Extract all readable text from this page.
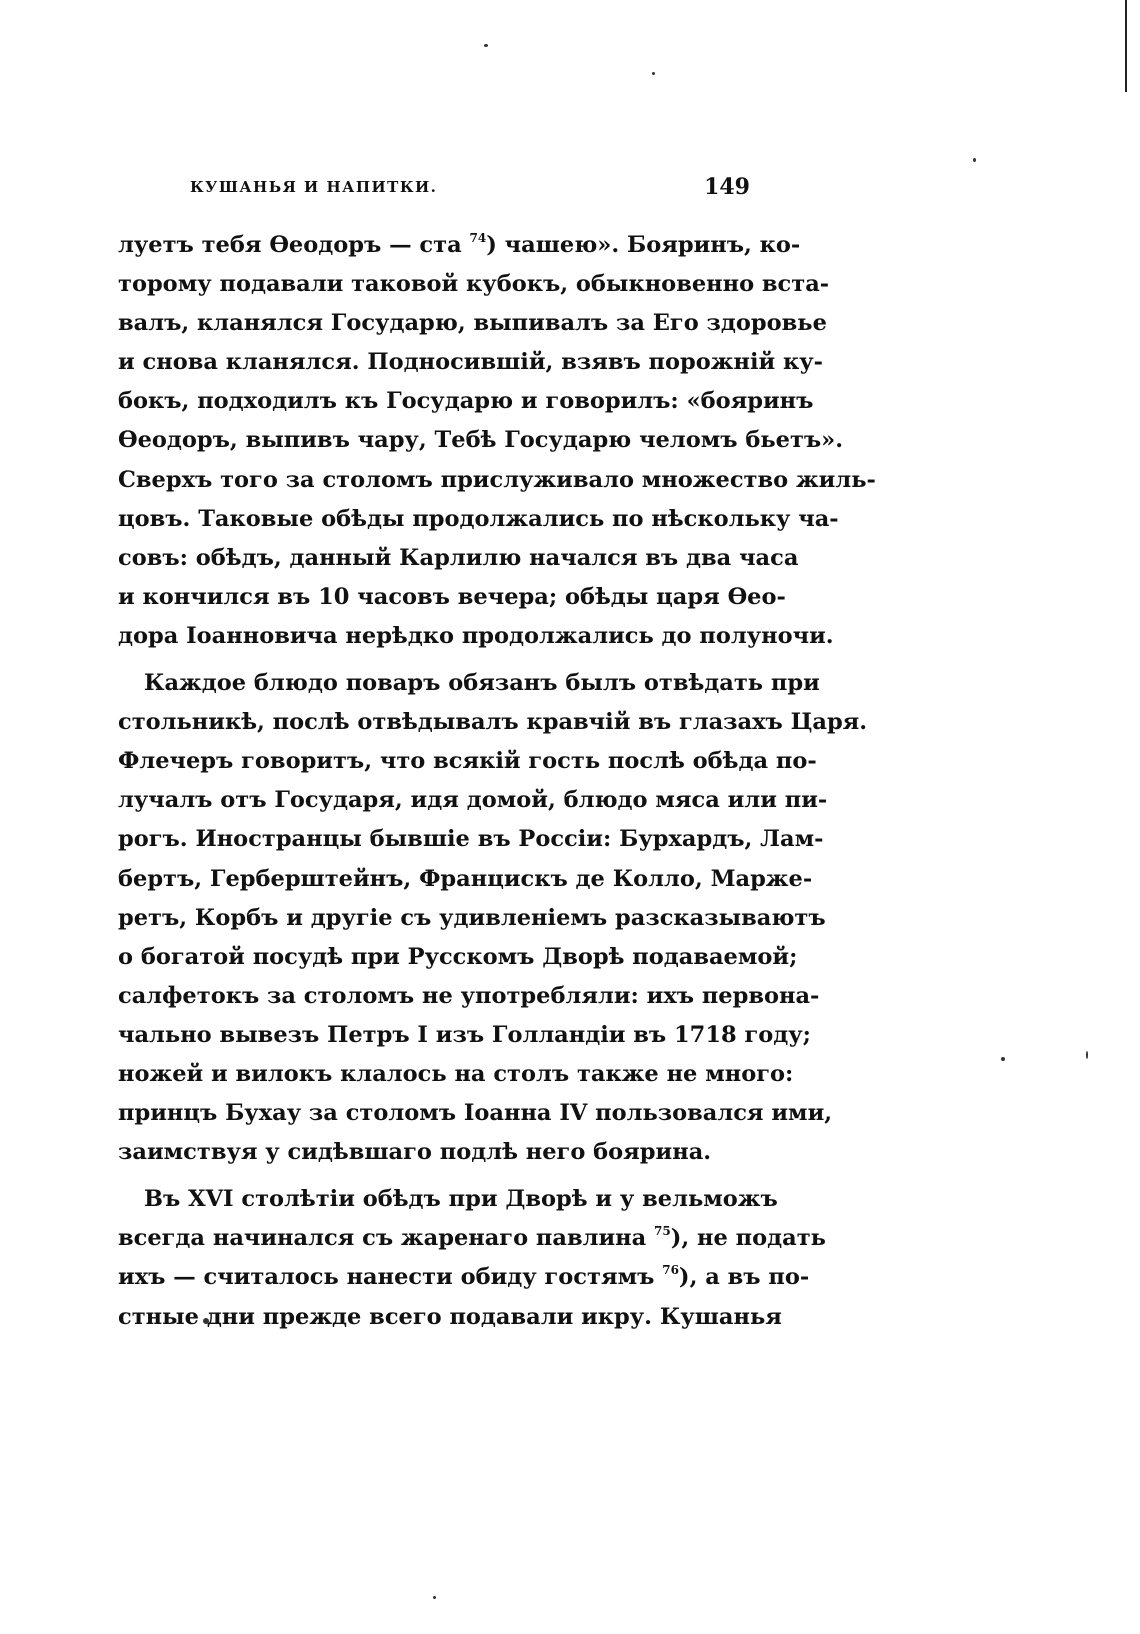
КУШАНЬЯ И НАПИТКИ.	149
луетъ тебя Өеодоръ — ста $^{74}$) чашею». Бояринъ, ко-
торому подавали таковой кубокъ, обыкновенно вста-
валъ, кланялся Государю, выпивалъ за Его здоровье
и снова кланялся. Подносившій, взявъ порожній ку-
бокъ, подходилъ къ Государю и говорилъ: «бояринъ
Өеодоръ, выпивъ чару, Тебѣ Государю челомъ бьетъ».
Сверхъ того за столомъ прислуживало множество жиль-
цовъ. Таковые обѣды продолжались по нѣскольку ча-
совъ: обѣдъ, данный Карлилю начался въ два часа
и кончился въ 10 часовъ вечера; обѣды царя Өео-
дора Іоанновича нерѣдко продолжались до полуночи.
Каждое блюдо поваръ обязанъ былъ отвѣдать при
стольникѣ, послѣ отвѣдывалъ кравчій въ глазахъ Царя.
Флечеръ говоритъ, что всякій гость послѣ обѣда по-
лучалъ отъ Государя, идя домой, блюдо мяса или пи-
рогъ. Иностранцы бывшіе въ Россіи: Бурхардъ, Лам-
бертъ, Герберштейнъ, Францискъ де Колло, Марже-
ретъ, Корбъ и другіе съ удивленіемъ разсказываютъ
о богатой посудѣ при Русскомъ Дворѣ подаваемой;
салфетокъ за столомъ не употребляли: ихъ первона-
чально вывезъ Петръ I изъ Голландіи въ 1718 году;
ножей и вилокъ клалось на столъ также не много:
принцъ Бухау за столомъ Іоанна IV пользовался ими,
заимствуя у сидѣвшаго подлѣ него боярина.
Въ XVI столѣтіи обѣдъ при Дворѣ и у вельможъ
всегда начинался съ жаренаго павлина $^{75}$), не подать
ихъ — считалось нанести обиду гостямъ $^{76}$), а въ по-
стные дни прежде всего подавали икру. Кушанья
